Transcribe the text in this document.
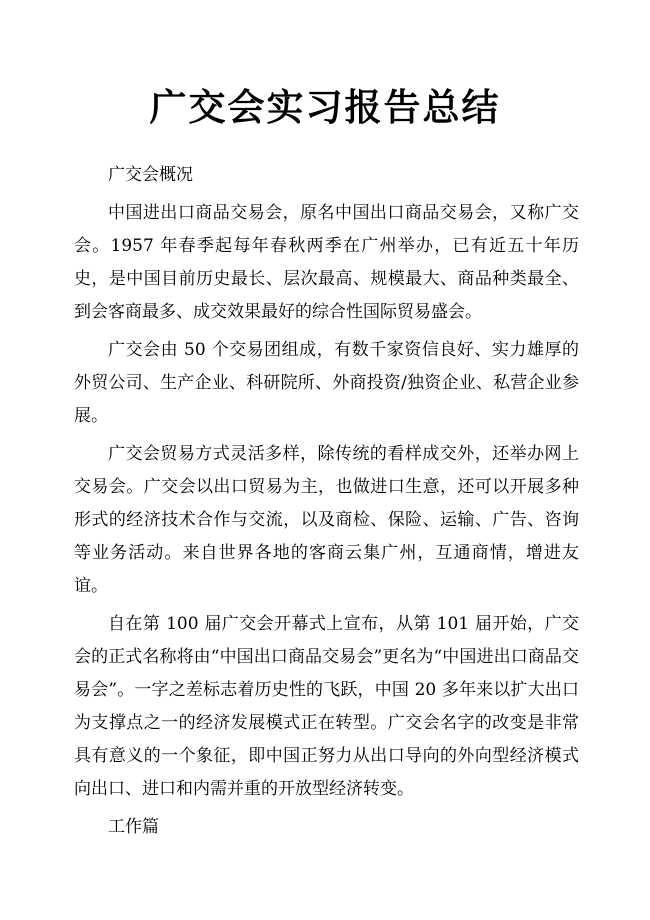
广交会实习报告总结

广交会概况

中国进出口商品交易会，原名中国出口商品交易会，又称广交会。1957 年春季起每年春秋两季在广州举办，已有近五十年历史，是中国目前历史最长、层次最高、规模最大、商品种类最全、到会客商最多、成交效果最好的综合性国际贸易盛会。

广交会由 50 个交易团组成，有数千家资信良好、实力雄厚的外贸公司、生产企业、科研院所、外商投资/独资企业、私营企业参展。

广交会贸易方式灵活多样，除传统的看样成交外，还举办网上交易会。广交会以出口贸易为主，也做进口生意，还可以开展多种形式的经济技术合作与交流，以及商检、保险、运输、广告、咨询等业务活动。来自世界各地的客商云集广州，互通商情，增进友谊。

自在第 100 届广交会开幕式上宣布，从第 101 届开始，广交会的正式名称将由“中国出口商品交易会”更名为“中国进出口商品交易会”。一字之差标志着历史性的飞跃，中国 20 多年来以扩大出口为支撑点之一的经济发展模式正在转型。广交会名字的改变是非常具有意义的一个象征，即中国正努力从出口导向的外向型经济模式向出口、进口和内需并重的开放型经济转变。

工作篇
